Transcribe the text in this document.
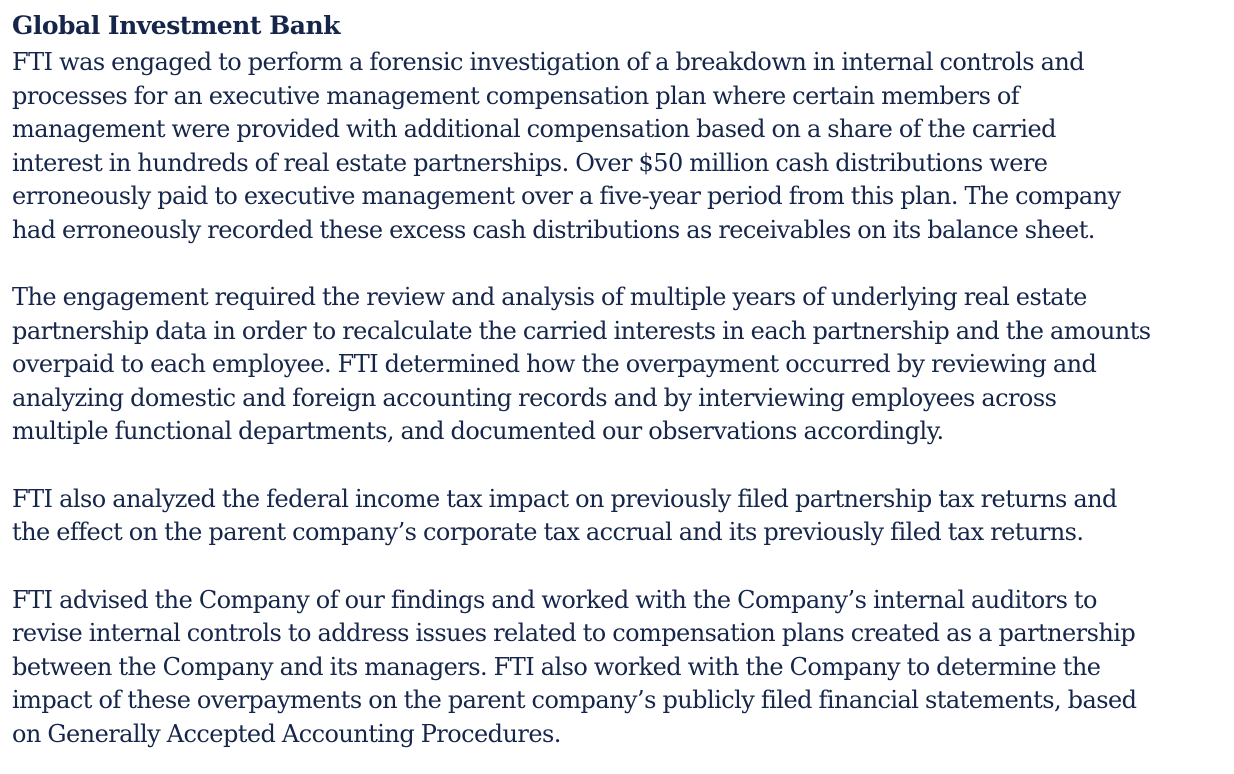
Global Investment Bank

FTI was engaged to perform a forensic investigation of a breakdown in internal controls and
processes for an executive management compensation plan where certain members of
management were provided with additional compensation based on a share of the carried
interest in hundreds of real estate partnerships. Over $50 million cash distributions were
erroneously paid to executive management over a five-year period from this plan. The company
had erroneously recorded these excess cash distributions as receivables on its balance sheet.

The engagement required the review and analysis of multiple years of underlying real estate
partnership data in order to recalculate the carried interests in each partnership and the amounts
overpaid to each employee. FTI determined how the overpayment occurred by reviewing and
analyzing domestic and foreign accounting records and by interviewing employees across
multiple functional departments, and documented our observations accordingly.

FTI also analyzed the federal income tax impact on previously filed partnership tax returns and
the effect on the parent company’s corporate tax accrual and its previously filed tax returns.

FTI advised the Company of our findings and worked with the Company’s internal auditors to
revise internal controls to address issues related to compensation plans created as a partnership
between the Company and its managers. FTI also worked with the Company to determine the
impact of these overpayments on the parent company’s publicly filed financial statements, based
on Generally Accepted Accounting Procedures.
